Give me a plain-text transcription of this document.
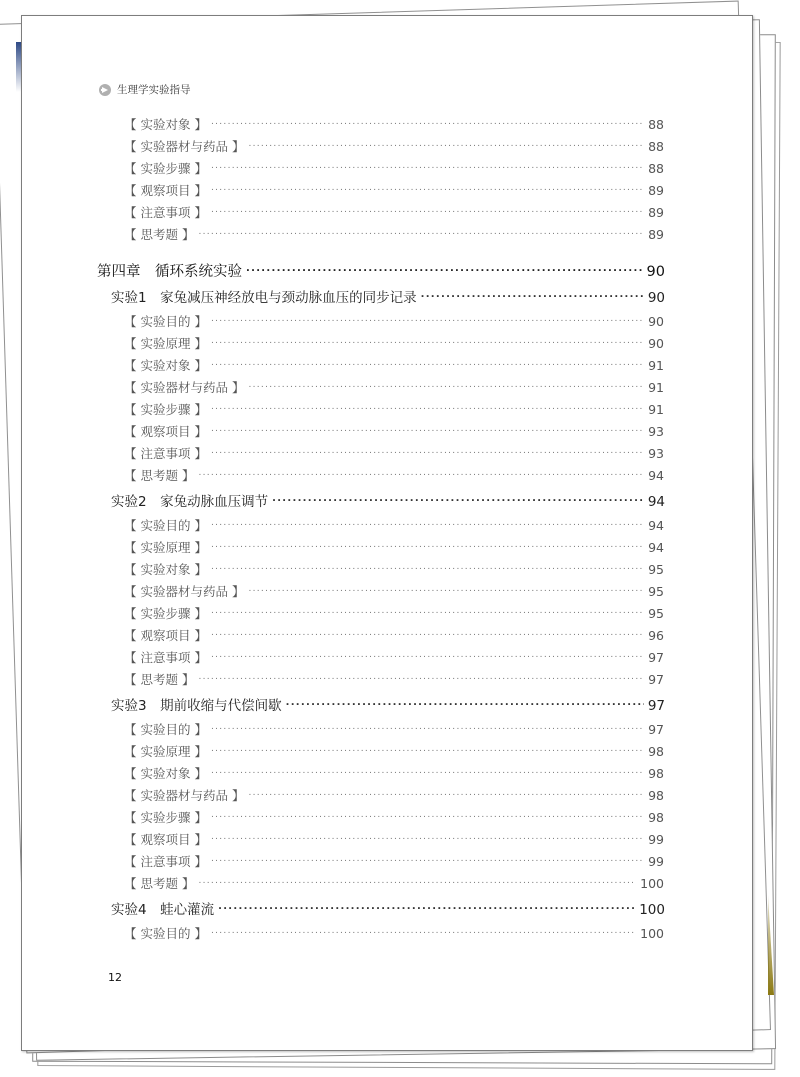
生理学实验指导
【 实验对象 】 .....	88
【 实验器材与药品 】 .....	88
【 实验步骤 】 .....	88
【 观察项目 】 .....	89
【 注意事项 】 .....	89
【 思考题 】 .....	89
第四章　循环系统实验 .....	90
实验1　家兔减压神经放电与颈动脉血压的同步记录 .....	90
【 实验目的 】 .....	90
【 实验原理 】 .....	90
【 实验对象 】 .....	91
【 实验器材与药品 】 .....	91
【 实验步骤 】 .....	91
【 观察项目 】 .....	93
【 注意事项 】 .....	93
【 思考题 】 .....	94
实验2　家兔动脉血压调节 .....	94
【 实验目的 】 .....	94
【 实验原理 】 .....	94
【 实验对象 】 .....	95
【 实验器材与药品 】 .....	95
【 实验步骤 】 .....	95
【 观察项目 】 .....	96
【 注意事项 】 .....	97
【 思考题 】 .....	97
实验3　期前收缩与代偿间歇 .....	97
【 实验目的 】 .....	97
【 实验原理 】 .....	98
【 实验对象 】 .....	98
【 实验器材与药品 】 .....	98
【 实验步骤 】 .....	98
【 观察项目 】 .....	99
【 注意事项 】 .....	99
【 思考题 】 .....	100
实验4　蛙心灌流 .....	100
【 实验目的 】 .....	100
12
